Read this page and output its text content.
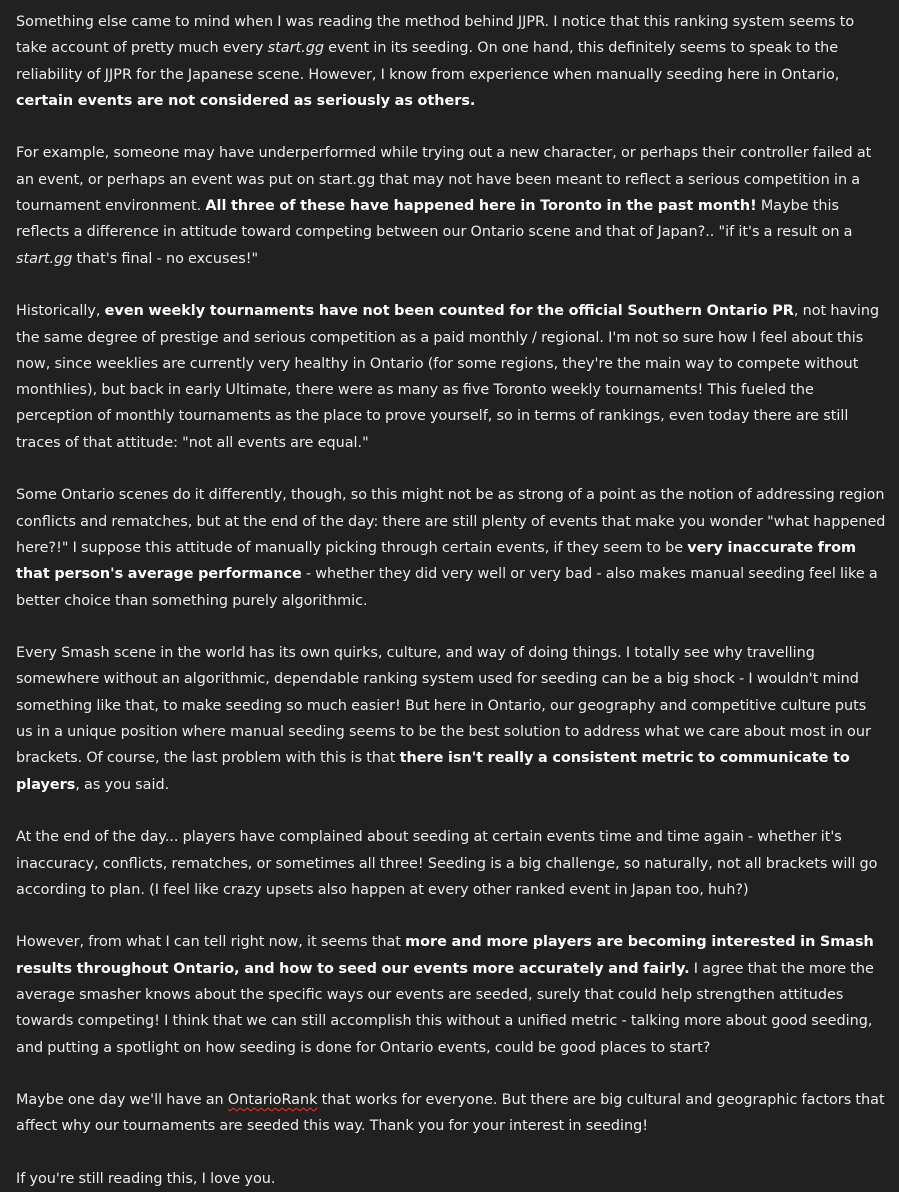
Something else came to mind when I was reading the method behind JJPR. I notice that this ranking system seems to take account of pretty much every start.gg event in its seeding. On one hand, this definitely seems to speak to the reliability of JJPR for the Japanese scene. However, I know from experience when manually seeding here in Ontario, certain events are not considered as seriously as others.

For example, someone may have underperformed while trying out a new character, or perhaps their controller failed at an event, or perhaps an event was put on start.gg that may not have been meant to reflect a serious competition in a tournament environment. All three of these have happened here in Toronto in the past month! Maybe this reflects a difference in attitude toward competing between our Ontario scene and that of Japan?.. "if it's a result on a start.gg that's final - no excuses!"

Historically, even weekly tournaments have not been counted for the official Southern Ontario PR, not having the same degree of prestige and serious competition as a paid monthly / regional. I'm not so sure how I feel about this now, since weeklies are currently very healthy in Ontario (for some regions, they're the main way to compete without monthlies), but back in early Ultimate, there were as many as five Toronto weekly tournaments! This fueled the perception of monthly tournaments as the place to prove yourself, so in terms of rankings, even today there are still traces of that attitude: "not all events are equal."

Some Ontario scenes do it differently, though, so this might not be as strong of a point as the notion of addressing region conflicts and rematches, but at the end of the day: there are still plenty of events that make you wonder "what happened here?!" I suppose this attitude of manually picking through certain events, if they seem to be very inaccurate from that person's average performance - whether they did very well or very bad - also makes manual seeding feel like a better choice than something purely algorithmic.

Every Smash scene in the world has its own quirks, culture, and way of doing things. I totally see why travelling somewhere without an algorithmic, dependable ranking system used for seeding can be a big shock - I wouldn't mind something like that, to make seeding so much easier! But here in Ontario, our geography and competitive culture puts us in a unique position where manual seeding seems to be the best solution to address what we care about most in our brackets. Of course, the last problem with this is that there isn't really a consistent metric to communicate to players, as you said.

At the end of the day... players have complained about seeding at certain events time and time again - whether it's inaccuracy, conflicts, rematches, or sometimes all three! Seeding is a big challenge, so naturally, not all brackets will go according to plan. (I feel like crazy upsets also happen at every other ranked event in Japan too, huh?)

However, from what I can tell right now, it seems that more and more players are becoming interested in Smash results throughout Ontario, and how to seed our events more accurately and fairly. I agree that the more the average smasher knows about the specific ways our events are seeded, surely that could help strengthen attitudes towards competing! I think that we can still accomplish this without a unified metric - talking more about good seeding, and putting a spotlight on how seeding is done for Ontario events, could be good places to start?

Maybe one day we'll have an OntarioRank that works for everyone. But there are big cultural and geographic factors that affect why our tournaments are seeded this way. Thank you for your interest in seeding!

If you're still reading this, I love you.
